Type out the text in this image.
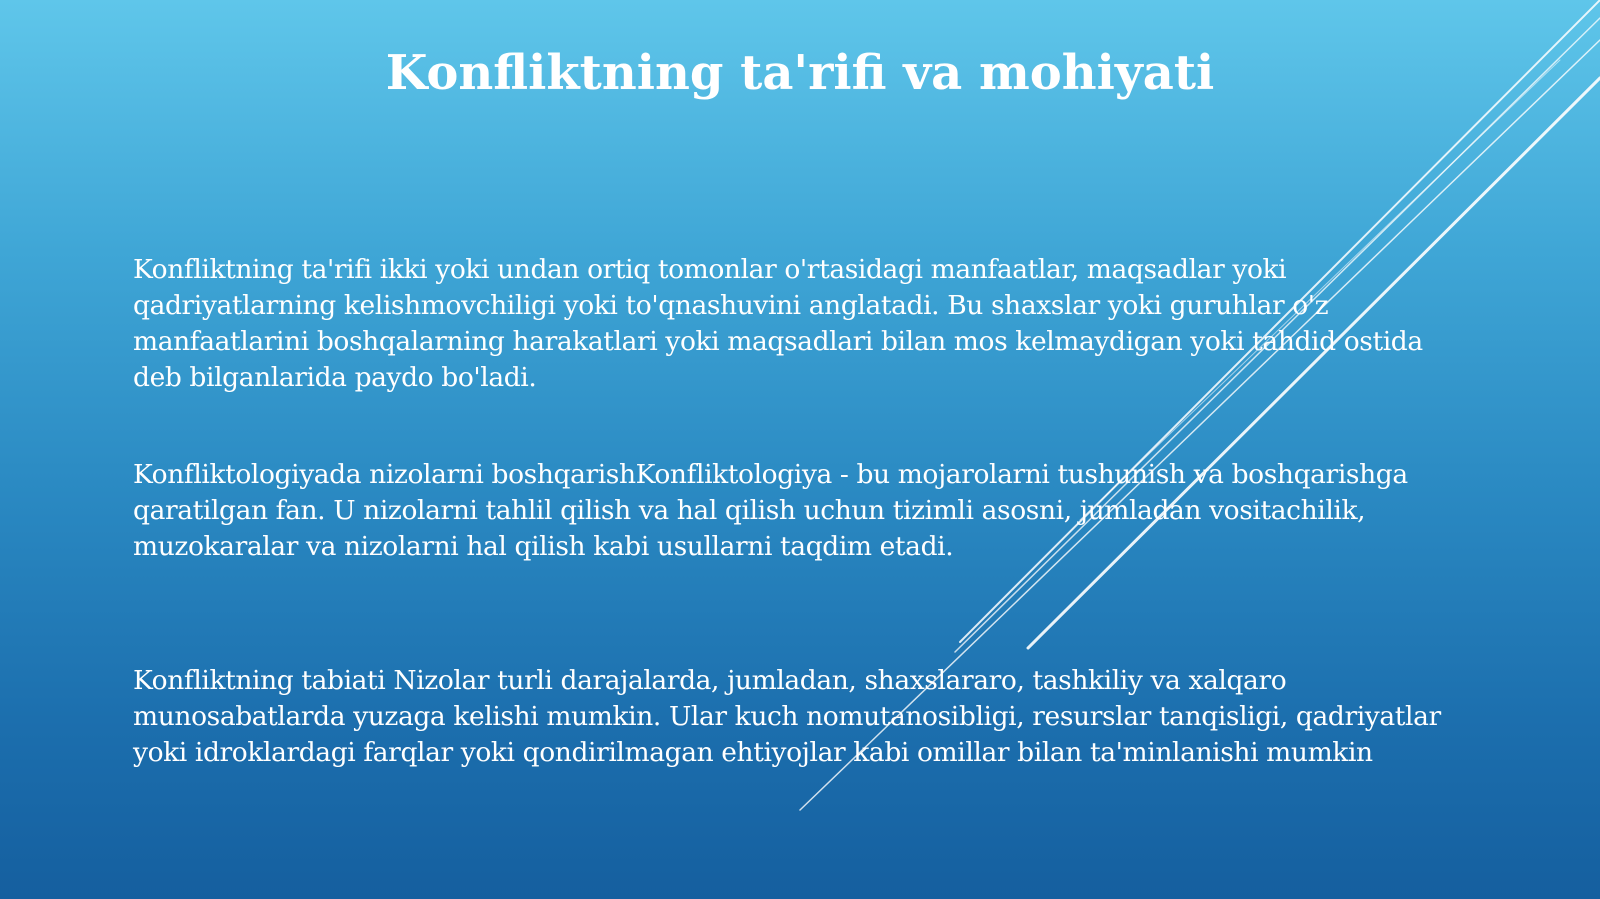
Konfliktning ta'rifi va mohiyati

Konfliktning ta'rifi ikki yoki undan ortiq tomonlar o'rtasidagi manfaatlar, maqsadlar yoki qadriyatlarning kelishmovchiligi yoki to'qnashuvini anglatadi. Bu shaxslar yoki guruhlar o'z manfaatlarini boshqalarning harakatlari yoki maqsadlari bilan mos kelmaydigan yoki tahdid ostida deb bilganlarida paydo bo'ladi.

Konfliktologiyada nizolarni boshqarishKonfliktologiya - bu mojarolarni tushunish va boshqarishga qaratilgan fan. U nizolarni tahlil qilish va hal qilish uchun tizimli asosni, jumladan vositachilik, muzokaralar va nizolarni hal qilish kabi usullarni taqdim etadi.

Konfliktning tabiati Nizolar turli darajalarda, jumladan, shaxslararo, tashkiliy va xalqaro munosabatlarda yuzaga kelishi mumkin. Ular kuch nomutanosibligi, resurslar tanqisligi, qadriyatlar yoki idroklardagi farqlar yoki qondirilmagan ehtiyojlar kabi omillar bilan ta'minlanishi mumkin
